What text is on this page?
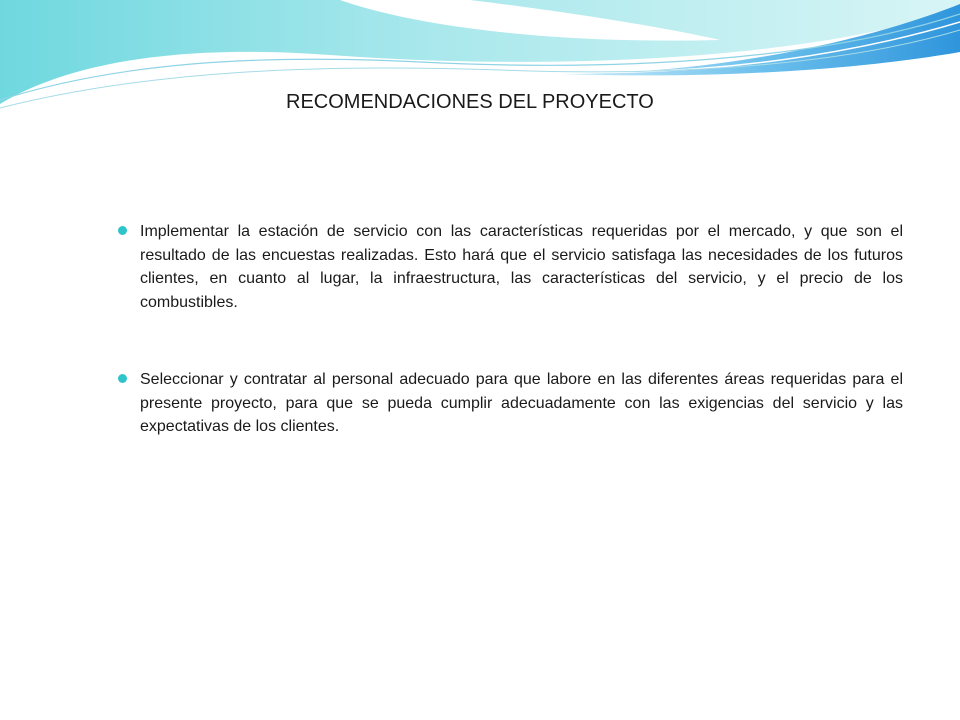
RECOMENDACIONES DEL PROYECTO
Implementar la estación de servicio con las características requeridas por el mercado, y que son el resultado de las encuestas realizadas. Esto hará que el servicio satisfaga las necesidades de los futuros clientes, en cuanto al lugar, la infraestructura, las características del servicio, y el precio de los combustibles.
Seleccionar y contratar al personal adecuado para que labore en las diferentes áreas requeridas para el presente proyecto, para que se pueda cumplir adecuadamente con las exigencias del servicio y las expectativas de los clientes.
